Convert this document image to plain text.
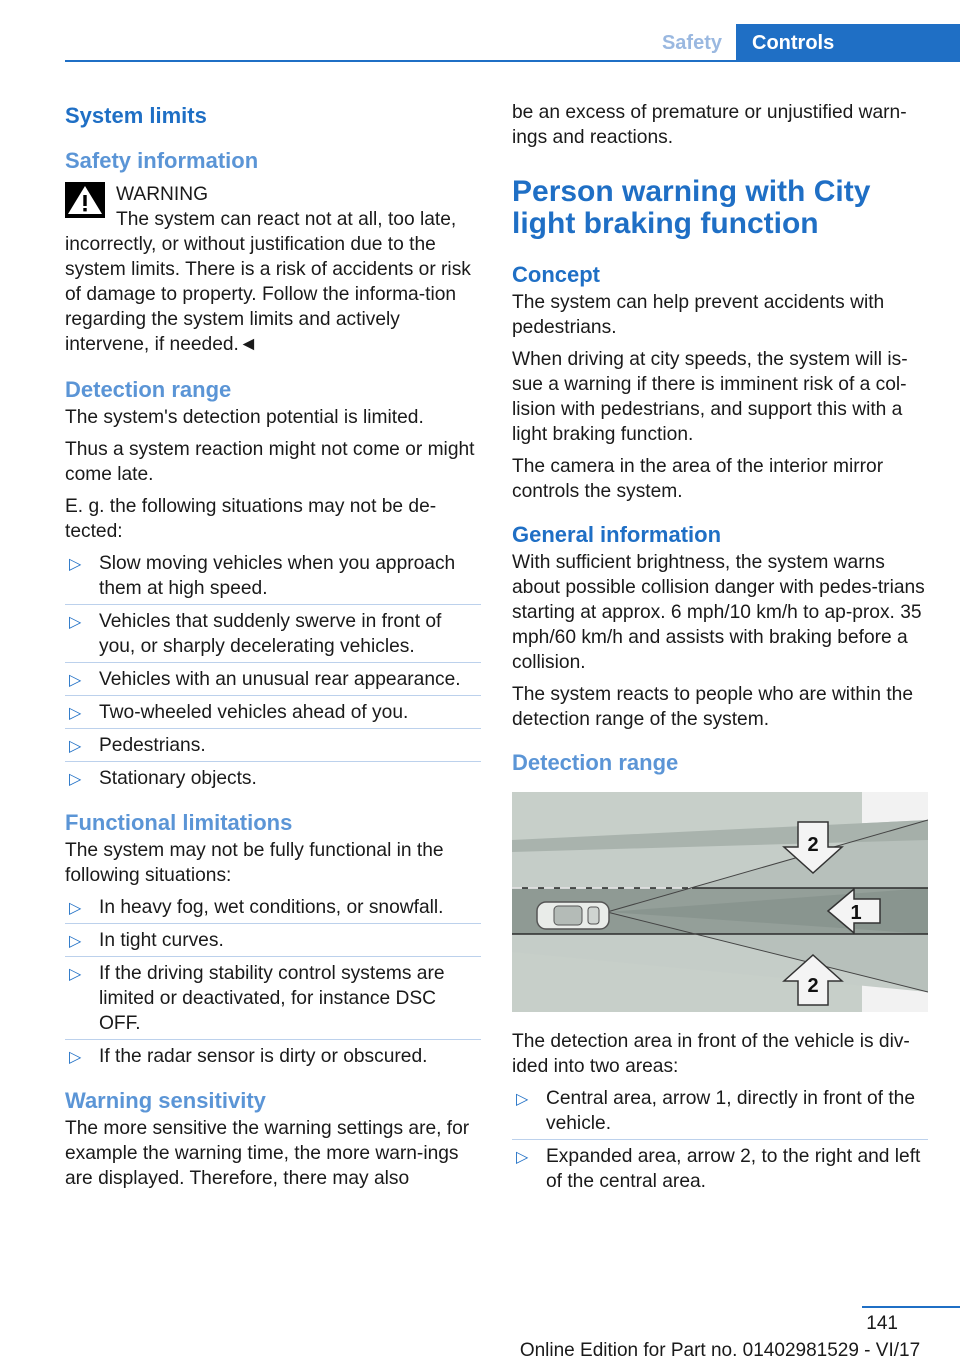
Safety	Controls
System limits
Safety information
WARNING
The system can react not at all, too late, incorrectly, or without justification due to the system limits. There is a risk of accidents or risk of damage to property. Follow the informa-tion regarding the system limits and actively intervene, if needed.◄
Detection range

The system's detection potential is limited.

Thus a system reaction might not come or might come late.

E. g. the following situations may not be de-tected:

▷ Slow moving vehicles when you approach them at high speed.
▷ Vehicles that suddenly swerve in front of you, or sharply decelerating vehicles.
▷ Vehicles with an unusual rear appearance.
▷ Two-wheeled vehicles ahead of you.
▷ Pedestrians.
▷ Stationary objects.
Functional limitations

The system may not be fully functional in the following situations:

▷ In heavy fog, wet conditions, or snowfall.
▷ In tight curves.
▷ If the driving stability control systems are limited or deactivated, for instance DSC OFF.
▷ If the radar sensor is dirty or obscured.
Warning sensitivity

The more sensitive the warning settings are, for example the warning time, the more warn-ings are displayed. Therefore, there may also

be an excess of premature or unjustified warn-ings and reactions.

Person warning with City light braking function
Concept

The system can help prevent accidents with pedestrians.

When driving at city speeds, the system will is-sue a warning if there is imminent risk of a col-lision with pedestrians, and support this with a light braking function.

The camera in the area of the interior mirror controls the system.

General information

With sufficient brightness, the system warns about possible collision danger with pedes-trians starting at approx. 6 mph/10 km/h to ap-prox. 35 mph/60 km/h and assists with braking before a collision.

The system reacts to people who are within the detection range of the system.

Detection range
2
1
2

The detection area in front of the vehicle is div-ided into two areas:

▷ Central area, arrow 1, directly in front of the vehicle.
▷ Expanded area, arrow 2, to the right and left of the central area.
141
Online Edition for Part no. 01402981529 - VI/17
